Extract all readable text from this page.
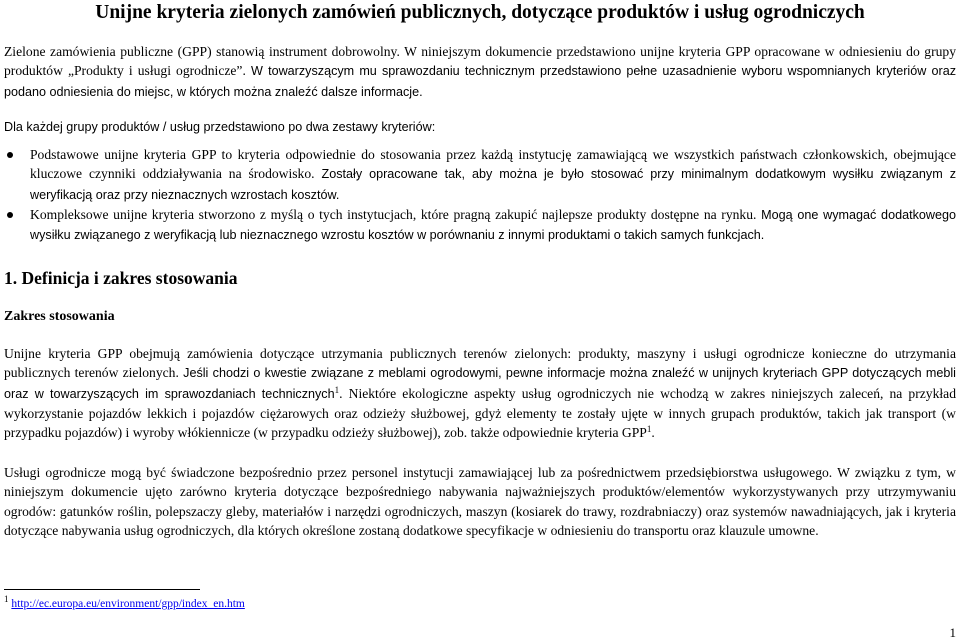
Unijne kryteria zielonych zamówień publicznych, dotyczące produktów i usług ogrodniczych

Zielone zamówienia publiczne (GPP) stanowią instrument dobrowolny. W niniejszym dokumencie przedstawiono unijne kryteria GPP opracowane w odniesieniu do grupy produktów „Produkty i usługi ogrodnicze”. W towarzyszącym mu sprawozdaniu technicznym przedstawiono pełne uzasadnienie wyboru wspomnianych kryteriów oraz podano odniesienia do miejsc, w których można znaleźć dalsze informacje.

Dla każdej grupy produktów / usług przedstawiono po dwa zestawy kryteriów:

Podstawowe unijne kryteria GPP to kryteria odpowiednie do stosowania przez każdą instytucję zamawiającą we wszystkich państwach członkowskich, obejmujące kluczowe czynniki oddziaływania na środowisko. Zostały opracowane tak, aby można je było stosować przy minimalnym dodatkowym wysiłku związanym z weryfikacją oraz przy nieznacznych wzrostach kosztów.
Kompleksowe unijne kryteria stworzono z myślą o tych instytucjach, które pragną zakupić najlepsze produkty dostępne na rynku. Mogą one wymagać dodatkowego wysiłku związanego z weryfikacją lub nieznacznego wzrostu kosztów w porównaniu z innymi produktami o takich samych funkcjach.
1. Definicja i zakres stosowania
Zakres stosowania

Unijne kryteria GPP obejmują zamówienia dotyczące utrzymania publicznych terenów zielonych: produkty, maszyny i usługi ogrodnicze konieczne do utrzymania publicznych terenów zielonych. Jeśli chodzi o kwestie związane z meblami ogrodowymi, pewne informacje można znaleźć w unijnych kryteriach GPP dotyczących mebli oraz w towarzyszących im sprawozdaniach technicznych$^1$. Niektóre ekologiczne aspekty usług ogrodniczych nie wchodzą w zakres niniejszych zaleceń, na przykład wykorzystanie pojazdów lekkich i pojazdów ciężarowych oraz odzieży służbowej, gdyż elementy te zostały ujęte w innych grupach produktów, takich jak transport (w przypadku pojazdów) i wyroby włókiennicze (w przypadku odzieży służbowej), zob. także odpowiednie kryteria GPP$^1$.

Usługi ogrodnicze mogą być świadczone bezpośrednio przez personel instytucji zamawiającej lub za pośrednictwem przedsiębiorstwa usługowego. W związku z tym, w niniejszym dokumencie ujęto zarówno kryteria dotyczące bezpośredniego nabywania najważniejszych produktów/elementów wykorzystywanych przy utrzymywaniu ogrodów: gatunków roślin, polepszaczy gleby, materiałów i narzędzi ogrodniczych, maszyn (kosiarek do trawy, rozdrabniaczy) oraz systemów nawadniających, jak i kryteria dotyczące nabywania usług ogrodniczych, dla których określone zostaną dodatkowe specyfikacje w odniesieniu do transportu oraz klauzule umowne.

$^1$ http://ec.europa.eu/environment/gpp/index_en.htm

1
